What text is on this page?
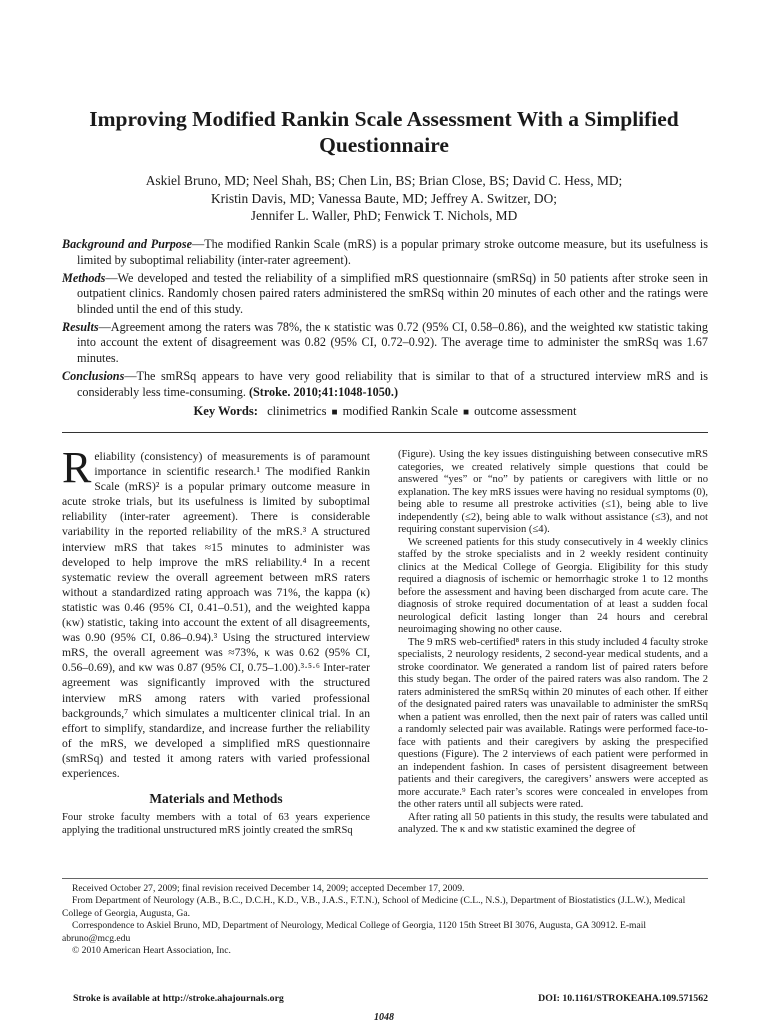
Improving Modified Rankin Scale Assessment With a Simplified Questionnaire
Askiel Bruno, MD; Neel Shah, BS; Chen Lin, BS; Brian Close, BS; David C. Hess, MD;
Kristin Davis, MD; Vanessa Baute, MD; Jeffrey A. Switzer, DO;
Jennifer L. Waller, PhD; Fenwick T. Nichols, MD

Background and Purpose—The modified Rankin Scale (mRS) is a popular primary stroke outcome measure, but its usefulness is limited by suboptimal reliability (inter-rater agreement).

Methods—We developed and tested the reliability of a simplified mRS questionnaire (smRSq) in 50 patients after stroke seen in outpatient clinics. Randomly chosen paired raters administered the smRSq within 20 minutes of each other and the ratings were blinded until the end of this study.

Results—Agreement among the raters was 78%, the κ statistic was 0.72 (95% CI, 0.58–0.86), and the weighted κw statistic taking into account the extent of disagreement was 0.82 (95% CI, 0.72–0.92). The average time to administer the smRSq was 1.67 minutes.

Conclusions—The smRSq appears to have very good reliability that is similar to that of a structured interview mRS and is considerably less time-consuming. (Stroke. 2010;41:1048-1050.)

Key Words: clinimetrics ■ modified Rankin Scale ■ outcome assessment

Reliability (consistency) of measurements is of paramount importance in scientific research.¹ The modified Rankin Scale (mRS)² is a popular primary outcome measure in acute stroke trials, but its usefulness is limited by suboptimal reliability (inter-rater agreement). There is considerable variability in the reported reliability of the mRS.³ A structured interview mRS that takes ≈15 minutes to administer was developed to help improve the mRS reliability.⁴ In a recent systematic review the overall agreement between mRS raters without a standardized rating approach was 71%, the kappa (κ) statistic was 0.46 (95% CI, 0.41–0.51), and the weighted kappa (κw) statistic, taking into account the extent of all disagreements, was 0.90 (95% CI, 0.86–0.94).³ Using the structured interview mRS, the overall agreement was ≈73%, κ was 0.62 (95% CI, 0.56–0.69), and κw was 0.87 (95% CI, 0.75–1.00).³·⁵·⁶ Inter-rater agreement was significantly improved with the structured interview mRS among raters with varied professional backgrounds,⁷ which simulates a multicenter clinical trial. In an effort to simplify, standardize, and increase further the reliability of the mRS, we developed a simplified mRS questionnaire (smRSq) and tested it among raters with varied professional experiences.

Materials and Methods

Four stroke faculty members with a total of 63 years experience applying the traditional unstructured mRS jointly created the smRSq

(Figure). Using the key issues distinguishing between consecutive mRS categories, we created relatively simple questions that could be answered “yes” or “no” by patients or caregivers with little or no explanation. The key mRS issues were having no residual symptoms (0), being able to resume all prestroke activities (≤1), being able to live independently (≤2), being able to walk without assistance (≤3), and not requiring constant supervision (≤4).

We screened patients for this study consecutively in 4 weekly clinics staffed by the stroke specialists and in 2 weekly resident continuity clinics at the Medical College of Georgia. Eligibility for this study required a diagnosis of ischemic or hemorrhagic stroke 1 to 12 months before the assessment and having been discharged from acute care. The diagnosis of stroke required documentation of at least a sudden focal neurological deficit lasting longer than 24 hours and cerebral neuroimaging showing no other cause.

The 9 mRS web-certified⁸ raters in this study included 4 faculty stroke specialists, 2 neurology residents, 2 second-year medical students, and a stroke coordinator. We generated a random list of paired raters before this study began. The order of the paired raters was also random. The 2 raters administered the smRSq within 20 minutes of each other. If either of the designated paired raters was unavailable to administer the smRSq when a patient was enrolled, then the next pair of raters was called until a randomly selected pair was available. Ratings were performed face-to-face with patients and their caregivers by asking the prespecified questions (Figure). The 2 interviews of each patient were performed in an independent fashion. In cases of persistent disagreement between patients and their caregivers, the caregivers’ answers were accepted as more accurate.⁹ Each rater’s scores were concealed in envelopes from the other raters until all subjects were rated.

After rating all 50 patients in this study, the results were tabulated and analyzed. The κ and κw statistic examined the degree of

Received October 27, 2009; final revision received December 14, 2009; accepted December 17, 2009.

From Department of Neurology (A.B., B.C., D.C.H., K.D., V.B., J.A.S., F.T.N.), School of Medicine (C.L., N.S.), Department of Biostatistics (J.L.W.), Medical College of Georgia, Augusta, Ga.

Correspondence to Askiel Bruno, MD, Department of Neurology, Medical College of Georgia, 1120 15th Street BI 3076, Augusta, GA 30912. E-mail abruno@mcg.edu

© 2010 American Heart Association, Inc.

Stroke is available at http://stroke.ahajournals.org	DOI: 10.1161/STROKEAHA.109.571562
1048
